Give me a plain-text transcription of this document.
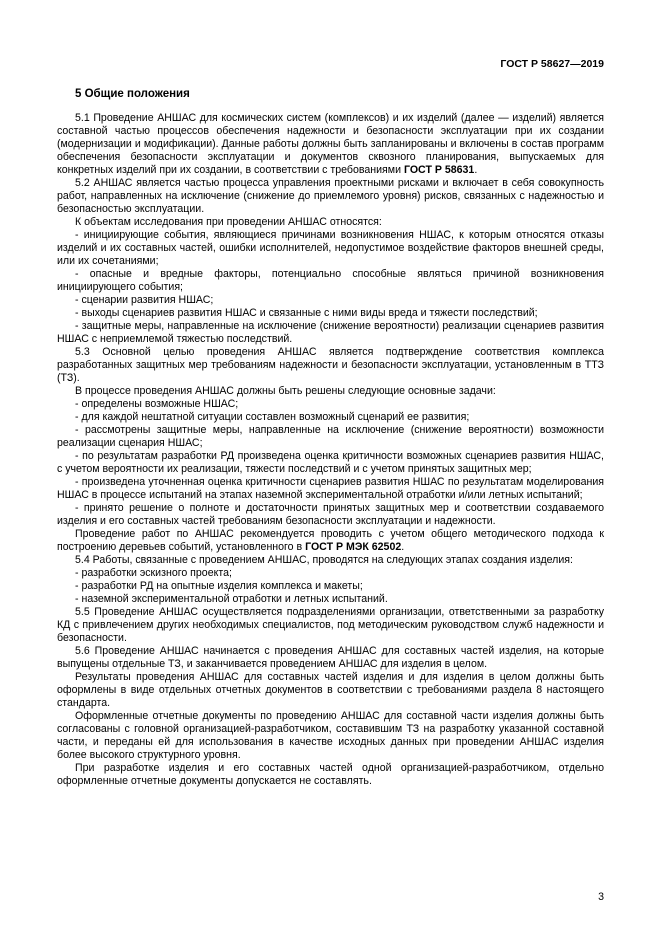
ГОСТ Р 58627—2019
5 Общие положения

5.1 Проведение АНШАС для космических систем (комплексов) и их изделий (далее — изделий) является составной частью процессов обеспечения надежности и безопасности эксплуатации при их создании (модернизации и модификации). Данные работы должны быть запланированы и включены в состав программ обеспечения безопасности эксплуатации и документов сквозного планирования, выпускаемых для конкретных изделий при их создании, в соответствии с требованиями ГОСТ Р 58631.

5.2 АНШАС является частью процесса управления проектными рисками и включает в себя совокупность работ, направленных на исключение (снижение до приемлемого уровня) рисков, связанных с надежностью и безопасностью эксплуатации.

К объектам исследования при проведении АНШАС относятся:

- инициирующие события, являющиеся причинами возникновения НШАС, к которым относятся отказы изделий и их составных частей, ошибки исполнителей, недопустимое воздействие факторов внешней среды, или их сочетаниями;

- опасные и вредные факторы, потенциально способные являться причиной возникновения инициирующего события;

- сценарии развития НШАС;

- выходы сценариев развития НШАС и связанные с ними виды вреда и тяжести последствий;

- защитные меры, направленные на исключение (снижение вероятности) реализации сценариев развития НШАС с неприемлемой тяжестью последствий.

5.3 Основной целью проведения АНШАС является подтверждение соответствия комплекса разработанных защитных мер требованиям надежности и безопасности эксплуатации, установленным в ТТЗ (ТЗ).

В процессе проведения АНШАС должны быть решены следующие основные задачи:

- определены возможные НШАС;

- для каждой нештатной ситуации составлен возможный сценарий ее развития;

- рассмотрены защитные меры, направленные на исключение (снижение вероятности) возможности реализации сценария НШАС;

- по результатам разработки РД произведена оценка критичности возможных сценариев развития НШАС, с учетом вероятности их реализации, тяжести последствий и с учетом принятых защитных мер;

- произведена уточненная оценка критичности сценариев развития НШАС по результатам моделирования НШАС в процессе испытаний на этапах наземной экспериментальной отработки и/или летных испытаний;

- принято решение о полноте и достаточности принятых защитных мер и соответствии создаваемого изделия и его составных частей требованиям безопасности эксплуатации и надежности.

Проведение работ по АНШАС рекомендуется проводить с учетом общего методического подхода к построению деревьев событий, установленного в ГОСТ Р МЭК 62502.

5.4 Работы, связанные с проведением АНШАС, проводятся на следующих этапах создания изделия:

- разработки эскизного проекта;

- разработки РД на опытные изделия комплекса и макеты;

- наземной экспериментальной отработки и летных испытаний.

5.5 Проведение АНШАС осуществляется подразделениями организации, ответственными за разработку КД с привлечением других необходимых специалистов, под методическим руководством служб надежности и безопасности.

5.6 Проведение АНШАС начинается с проведения АНШАС для составных частей изделия, на которые выпущены отдельные ТЗ, и заканчивается проведением АНШАС для изделия в целом.

Результаты проведения АНШАС для составных частей изделия и для изделия в целом должны быть оформлены в виде отдельных отчетных документов в соответствии с требованиями раздела 8 настоящего стандарта.

Оформленные отчетные документы по проведению АНШАС для составной части изделия должны быть согласованы с головной организацией-разработчиком, составившим ТЗ на разработку указанной составной части, и переданы ей для использования в качестве исходных данных при проведении АНШАС изделия более высокого структурного уровня.

При разработке изделия и его составных частей одной организацией-разработчиком, отдельно оформленные отчетные документы допускается не составлять.

3
